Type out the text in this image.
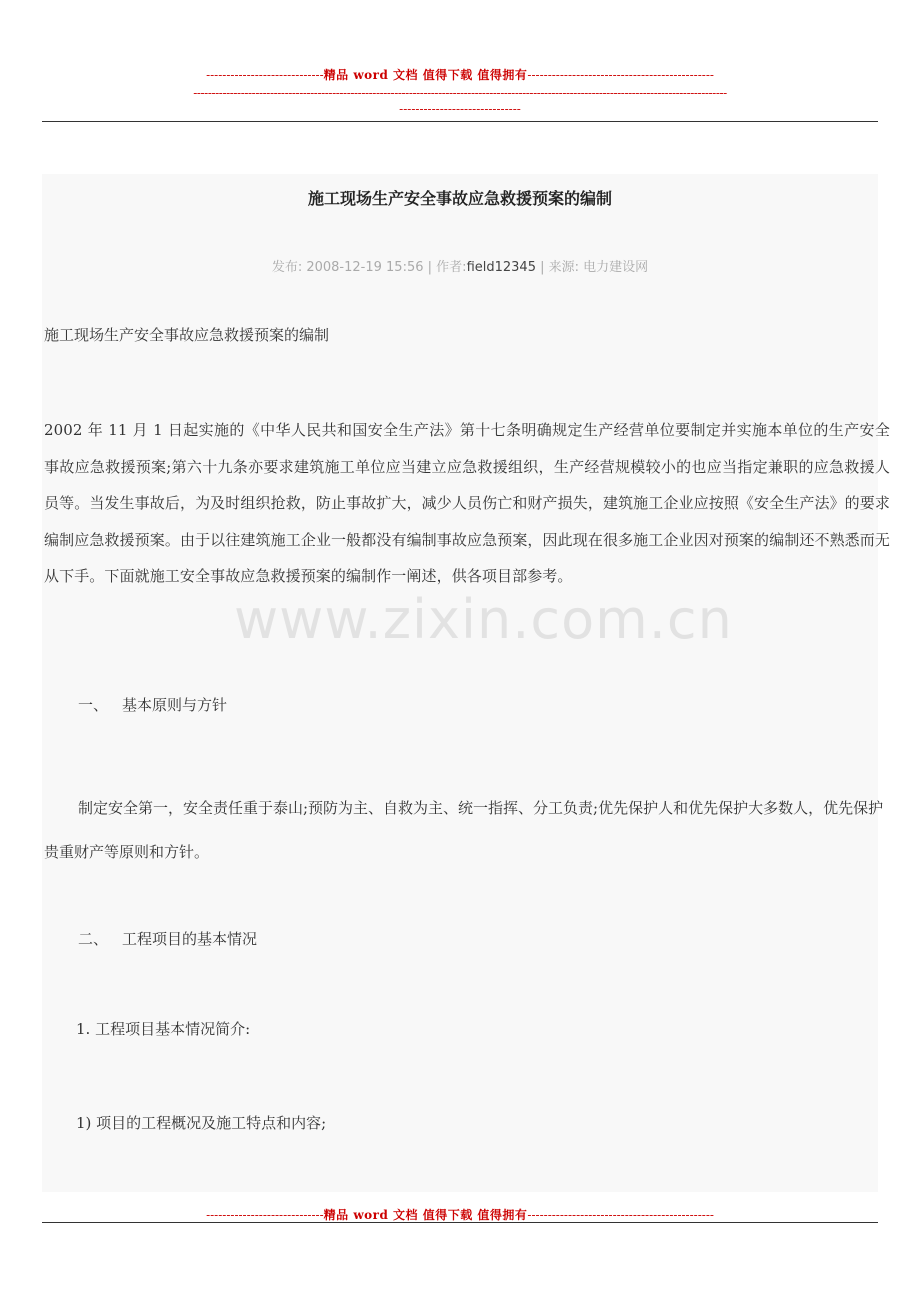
-----------------------------精品 word 文档 值得下载 值得拥有----------------------------------------------
--------------------------------------------------------------------------------------------------------------------------------------------------
------------------------------
施工现场生产安全事故应急救援预案的编制
发布: 2008-12-19 15:56 | 作者:field12345 | 来源: 电力建设网
施工现场生产安全事故应急救援预案的编制
2002 年 11 月 1 日起实施的《中华人民共和国安全生产法》第十七条明确规定生产经营单位要制定并实施本单位的生产安全事故应急救援预案;第六十九条亦要求建筑施工单位应当建立应急救援组织，生产经营规模较小的也应当指定兼职的应急救援人员等。当发生事故后，为及时组织抢救，防止事故扩大，减少人员伤亡和财产损失，建筑施工企业应按照《安全生产法》的要求编制应急救援预案。由于以往建筑施工企业一般都没有编制事故应急预案，因此现在很多施工企业因对预案的编制还不熟悉而无从下手。下面就施工安全事故应急救援预案的编制作一阐述，供各项目部参考。
www.zixin.com.cn
一、 基本原则与方针
制定安全第一，安全责任重于泰山;预防为主、自救为主、统一指挥、分工负责;优先保护人和优先保护大多数人，优先保护贵重财产等原则和方针。
二、 工程项目的基本情况
1. 工程项目基本情况简介:
1) 项目的工程概况及施工特点和内容;
-----------------------------精品 word 文档 值得下载 值得拥有----------------------------------------------
